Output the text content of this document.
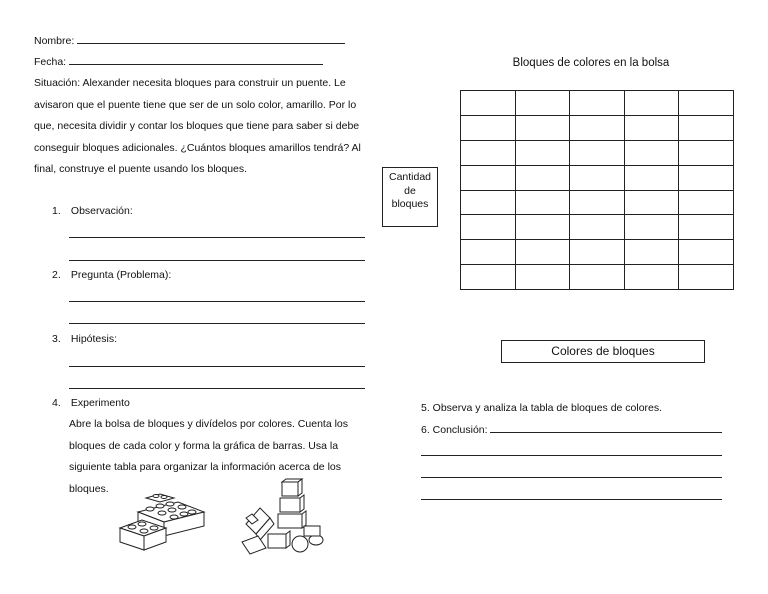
Nombre:
Fecha:
Situación: Alexander necesita bloques para construir un puente. Le
avisaron que el puente tiene que ser de un solo color, amarillo. Por lo
que, necesita dividir y contar los bloques que tiene para saber si debe
conseguir bloques adicionales. ¿Cuántos bloques amarillos tendrá? Al
final, construye el puente usando los bloques.
1. Observación:
2. Pregunta (Problema):
3. Hipótesis:
4. Experimento
Abre la bolsa de bloques y divídelos por colores. Cuenta los
bloques de cada color y forma la gráfica de barras. Usa la
siguiente tabla para organizar la información acerca de los
bloques.
Bloques de colores en la bolsa
Cantidad
de
bloques

Colores de bloques
5. Observa y analiza la tabla de bloques de colores.
6. Conclusión:
